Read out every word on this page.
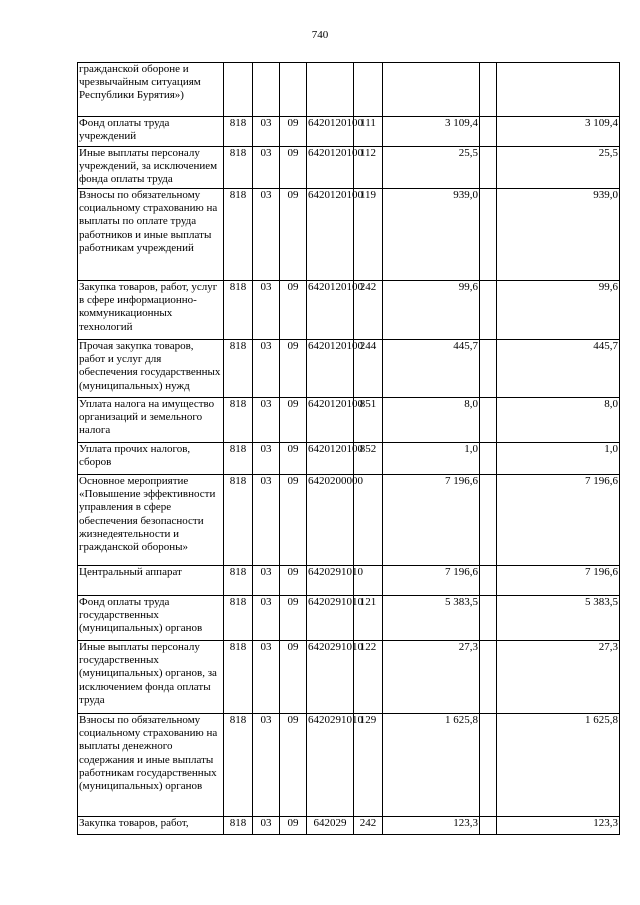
740
гражданской обороне и чрезвычайным ситуациям Республики Бурятия»)								
Фонд оплаты труда учреждений	818	03	09	6420120100	111	3 109,4		3 109,4
Иные выплаты персоналу учреждений, за исключением фонда оплаты труда	818	03	09	6420120100	112	25,5		25,5
Взносы по обязательному социальному страхованию на выплаты по оплате труда работников и иные выплаты работникам учреждений	818	03	09	6420120100	119	939,0		939,0
Закупка товаров, работ, услуг в сфере информационно-коммуникационных технологий	818	03	09	6420120100	242	99,6		99,6
Прочая закупка товаров, работ и услуг для обеспечения государственных (муниципальных) нужд	818	03	09	6420120100	244	445,7		445,7
Уплата налога на имущество организаций и земельного налога	818	03	09	6420120100	851	8,0		8,0
Уплата прочих налогов, сборов	818	03	09	6420120100	852	1,0		1,0
Основное мероприятие «Повышение эффективности управления в сфере обеспечения безопасности жизнедеятельности и гражданской обороны»	818	03	09	6420200000		7 196,6		7 196,6
Центральный аппарат	818	03	09	6420291010		7 196,6		7 196,6
Фонд оплаты труда государственных (муниципальных) органов	818	03	09	6420291010	121	5 383,5		5 383,5
Иные выплаты персоналу государственных (муниципальных) органов, за исключением фонда оплаты труда	818	03	09	6420291010	122	27,3		27,3
Взносы по обязательному социальному страхованию на выплаты денежного содержания и иные выплаты работникам государственных (муниципальных) органов	818	03	09	6420291010	129	1 625,8		1 625,8
Закупка товаров, работ,	818	03	09	642029	242	123,3		123,3
